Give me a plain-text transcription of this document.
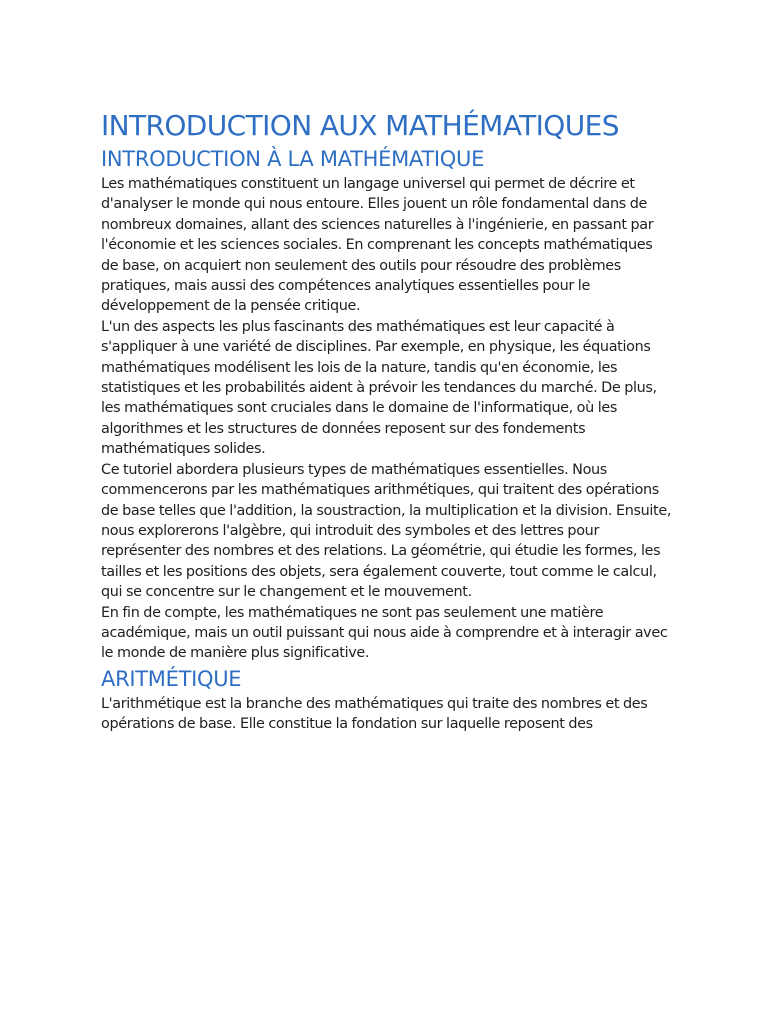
INTRODUCTION AUX MATHÉMATIQUES
INTRODUCTION À LA MATHÉMATIQUE

Les mathématiques constituent un langage universel qui permet de décrire et d'analyser le monde qui nous entoure. Elles jouent un rôle fondamental dans de nombreux domaines, allant des sciences naturelles à l'ingénierie, en passant par l'économie et les sciences sociales. En comprenant les concepts mathématiques de base, on acquiert non seulement des outils pour résoudre des problèmes pratiques, mais aussi des compétences analytiques essentielles pour le développement de la pensée critique.

L'un des aspects les plus fascinants des mathématiques est leur capacité à s'appliquer à une variété de disciplines. Par exemple, en physique, les équations mathématiques modélisent les lois de la nature, tandis qu'en économie, les statistiques et les probabilités aident à prévoir les tendances du marché. De plus, les mathématiques sont cruciales dans le domaine de l'informatique, où les algorithmes et les structures de données reposent sur des fondements mathématiques solides.

Ce tutoriel abordera plusieurs types de mathématiques essentielles. Nous commencerons par les mathématiques arithmétiques, qui traitent des opérations de base telles que l'addition, la soustraction, la multiplication et la division. Ensuite, nous explorerons l'algèbre, qui introduit des symboles et des lettres pour représenter des nombres et des relations. La géométrie, qui étudie les formes, les tailles et les positions des objets, sera également couverte, tout comme le calcul, qui se concentre sur le changement et le mouvement.

En fin de compte, les mathématiques ne sont pas seulement une matière académique, mais un outil puissant qui nous aide à comprendre et à interagir avec le monde de manière plus significative.

ARITMÉTIQUE

L'arithmétique est la branche des mathématiques qui traite des nombres et des opérations de base. Elle constitue la fondation sur laquelle reposent des
